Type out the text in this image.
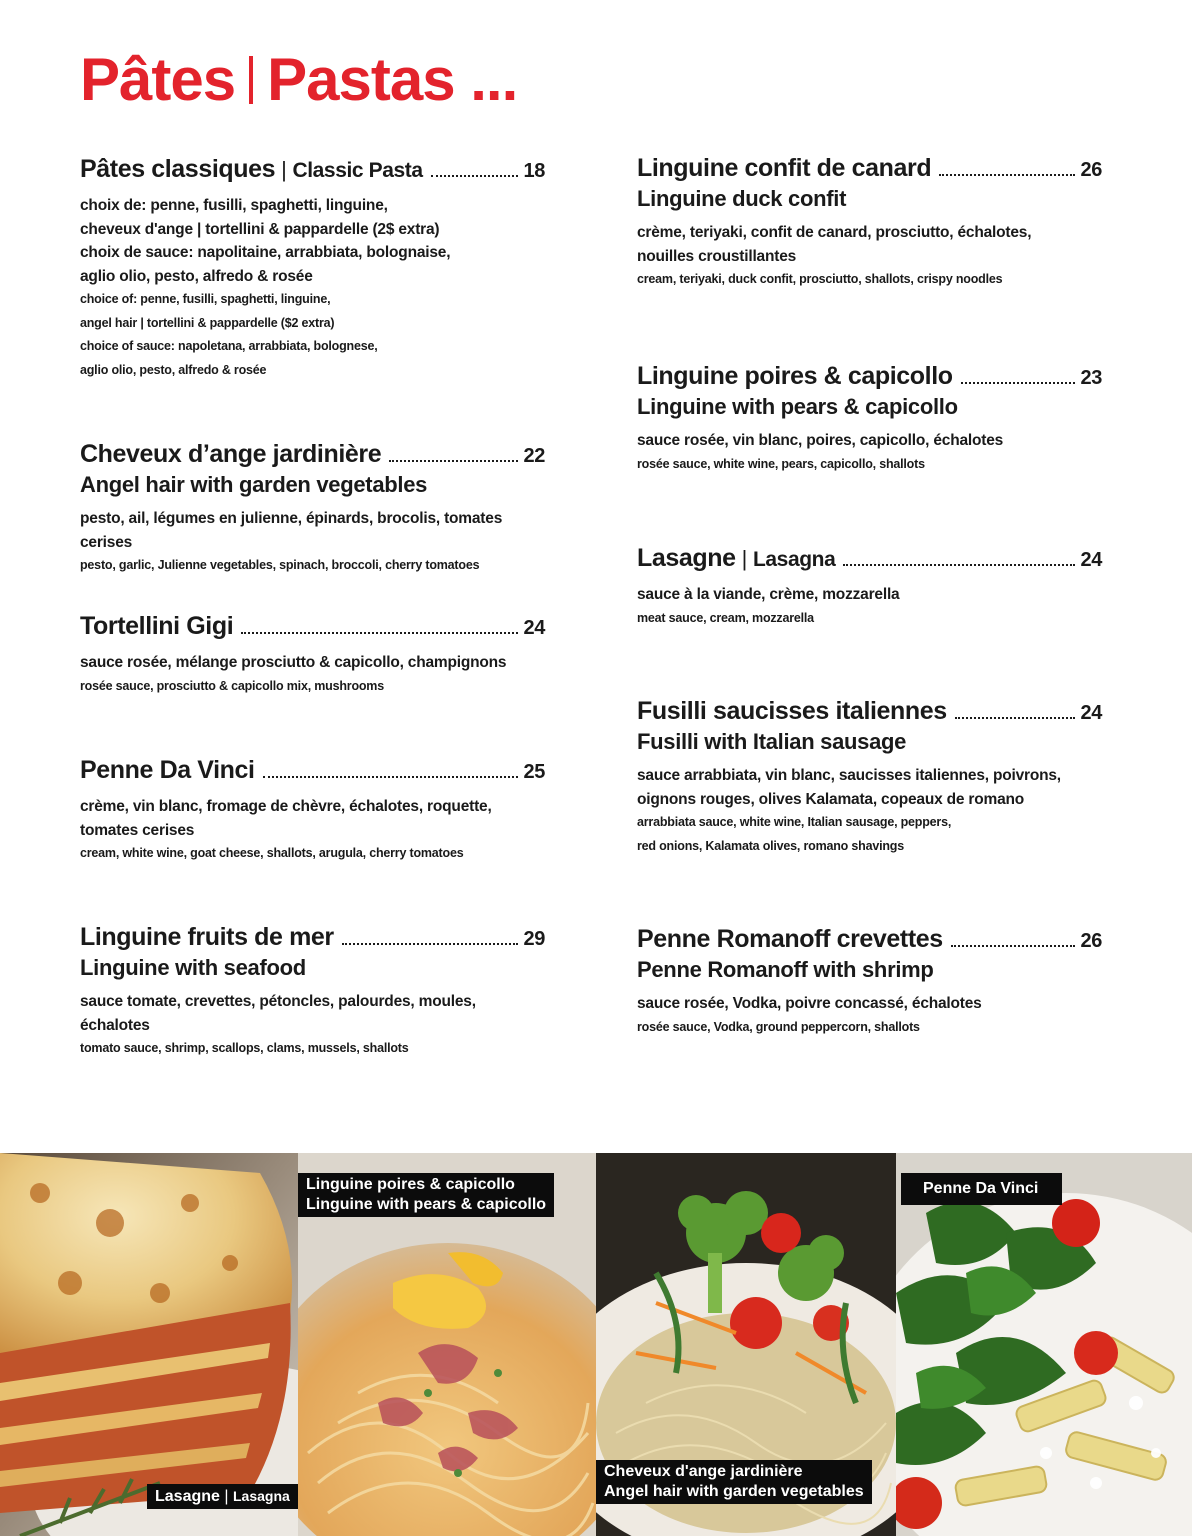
Pâtes Pastas ...
Pâtes classiques | Classic Pasta	18
choix de: penne, fusilli, spaghetti, linguine,
cheveux d'ange | tortellini & pappardelle (2$ extra)
choix de sauce: napolitaine, arrabbiata, bolognaise,
aglio olio, pesto, alfredo & rosée
choice of: penne, fusilli, spaghetti, linguine,
angel hair | tortellini & pappardelle ($2 extra)
choice of sauce: napoletana, arrabbiata, bolognese,
aglio olio, pesto, alfredo & rosée
Cheveux d’ange jardinière	22
Angel hair with garden vegetables
pesto, ail, légumes en julienne, épinards, brocolis, tomates cerises
pesto, garlic, Julienne vegetables, spinach, broccoli, cherry tomatoes
Tortellini Gigi	24
sauce rosée, mélange prosciutto & capicollo, champignons
rosée sauce, prosciutto & capicollo mix, mushrooms
Penne Da Vinci	25
crème, vin blanc, fromage de chèvre, échalotes, roquette,
tomates cerises
cream, white wine, goat cheese, shallots, arugula, cherry tomatoes
Linguine fruits de mer	29
Linguine with seafood
sauce tomate, crevettes, pétoncles, palourdes, moules, échalotes
tomato sauce, shrimp, scallops, clams, mussels, shallots
Linguine confit de canard	26
Linguine duck confit
crème, teriyaki, confit de canard, prosciutto, échalotes,
nouilles croustillantes
cream, teriyaki, duck confit, prosciutto, shallots, crispy noodles
Linguine poires & capicollo	23
Linguine with pears & capicollo
sauce rosée, vin blanc, poires, capicollo, échalotes
rosée sauce, white wine, pears, capicollo, shallots
Lasagne | Lasagna	24
sauce à la viande, crème, mozzarella
meat sauce, cream, mozzarella
Fusilli saucisses italiennes	24
Fusilli with Italian sausage
sauce arrabbiata, vin blanc, saucisses italiennes, poivrons,
oignons rouges, olives Kalamata, copeaux de romano
arrabbiata sauce, white wine, Italian sausage, peppers,
red onions, Kalamata olives, romano shavings
Penne Romanoff crevettes	26
Penne Romanoff with shrimp
sauce rosée, Vodka, poivre concassé, échalotes
rosée sauce, Vodka, ground peppercorn, shallots
Lasagne | Lasagna
Linguine poires & capicollo
Linguine with pears & capicollo
Cheveux d'ange jardinière
Angel hair with garden vegetables
Penne Da Vinci
